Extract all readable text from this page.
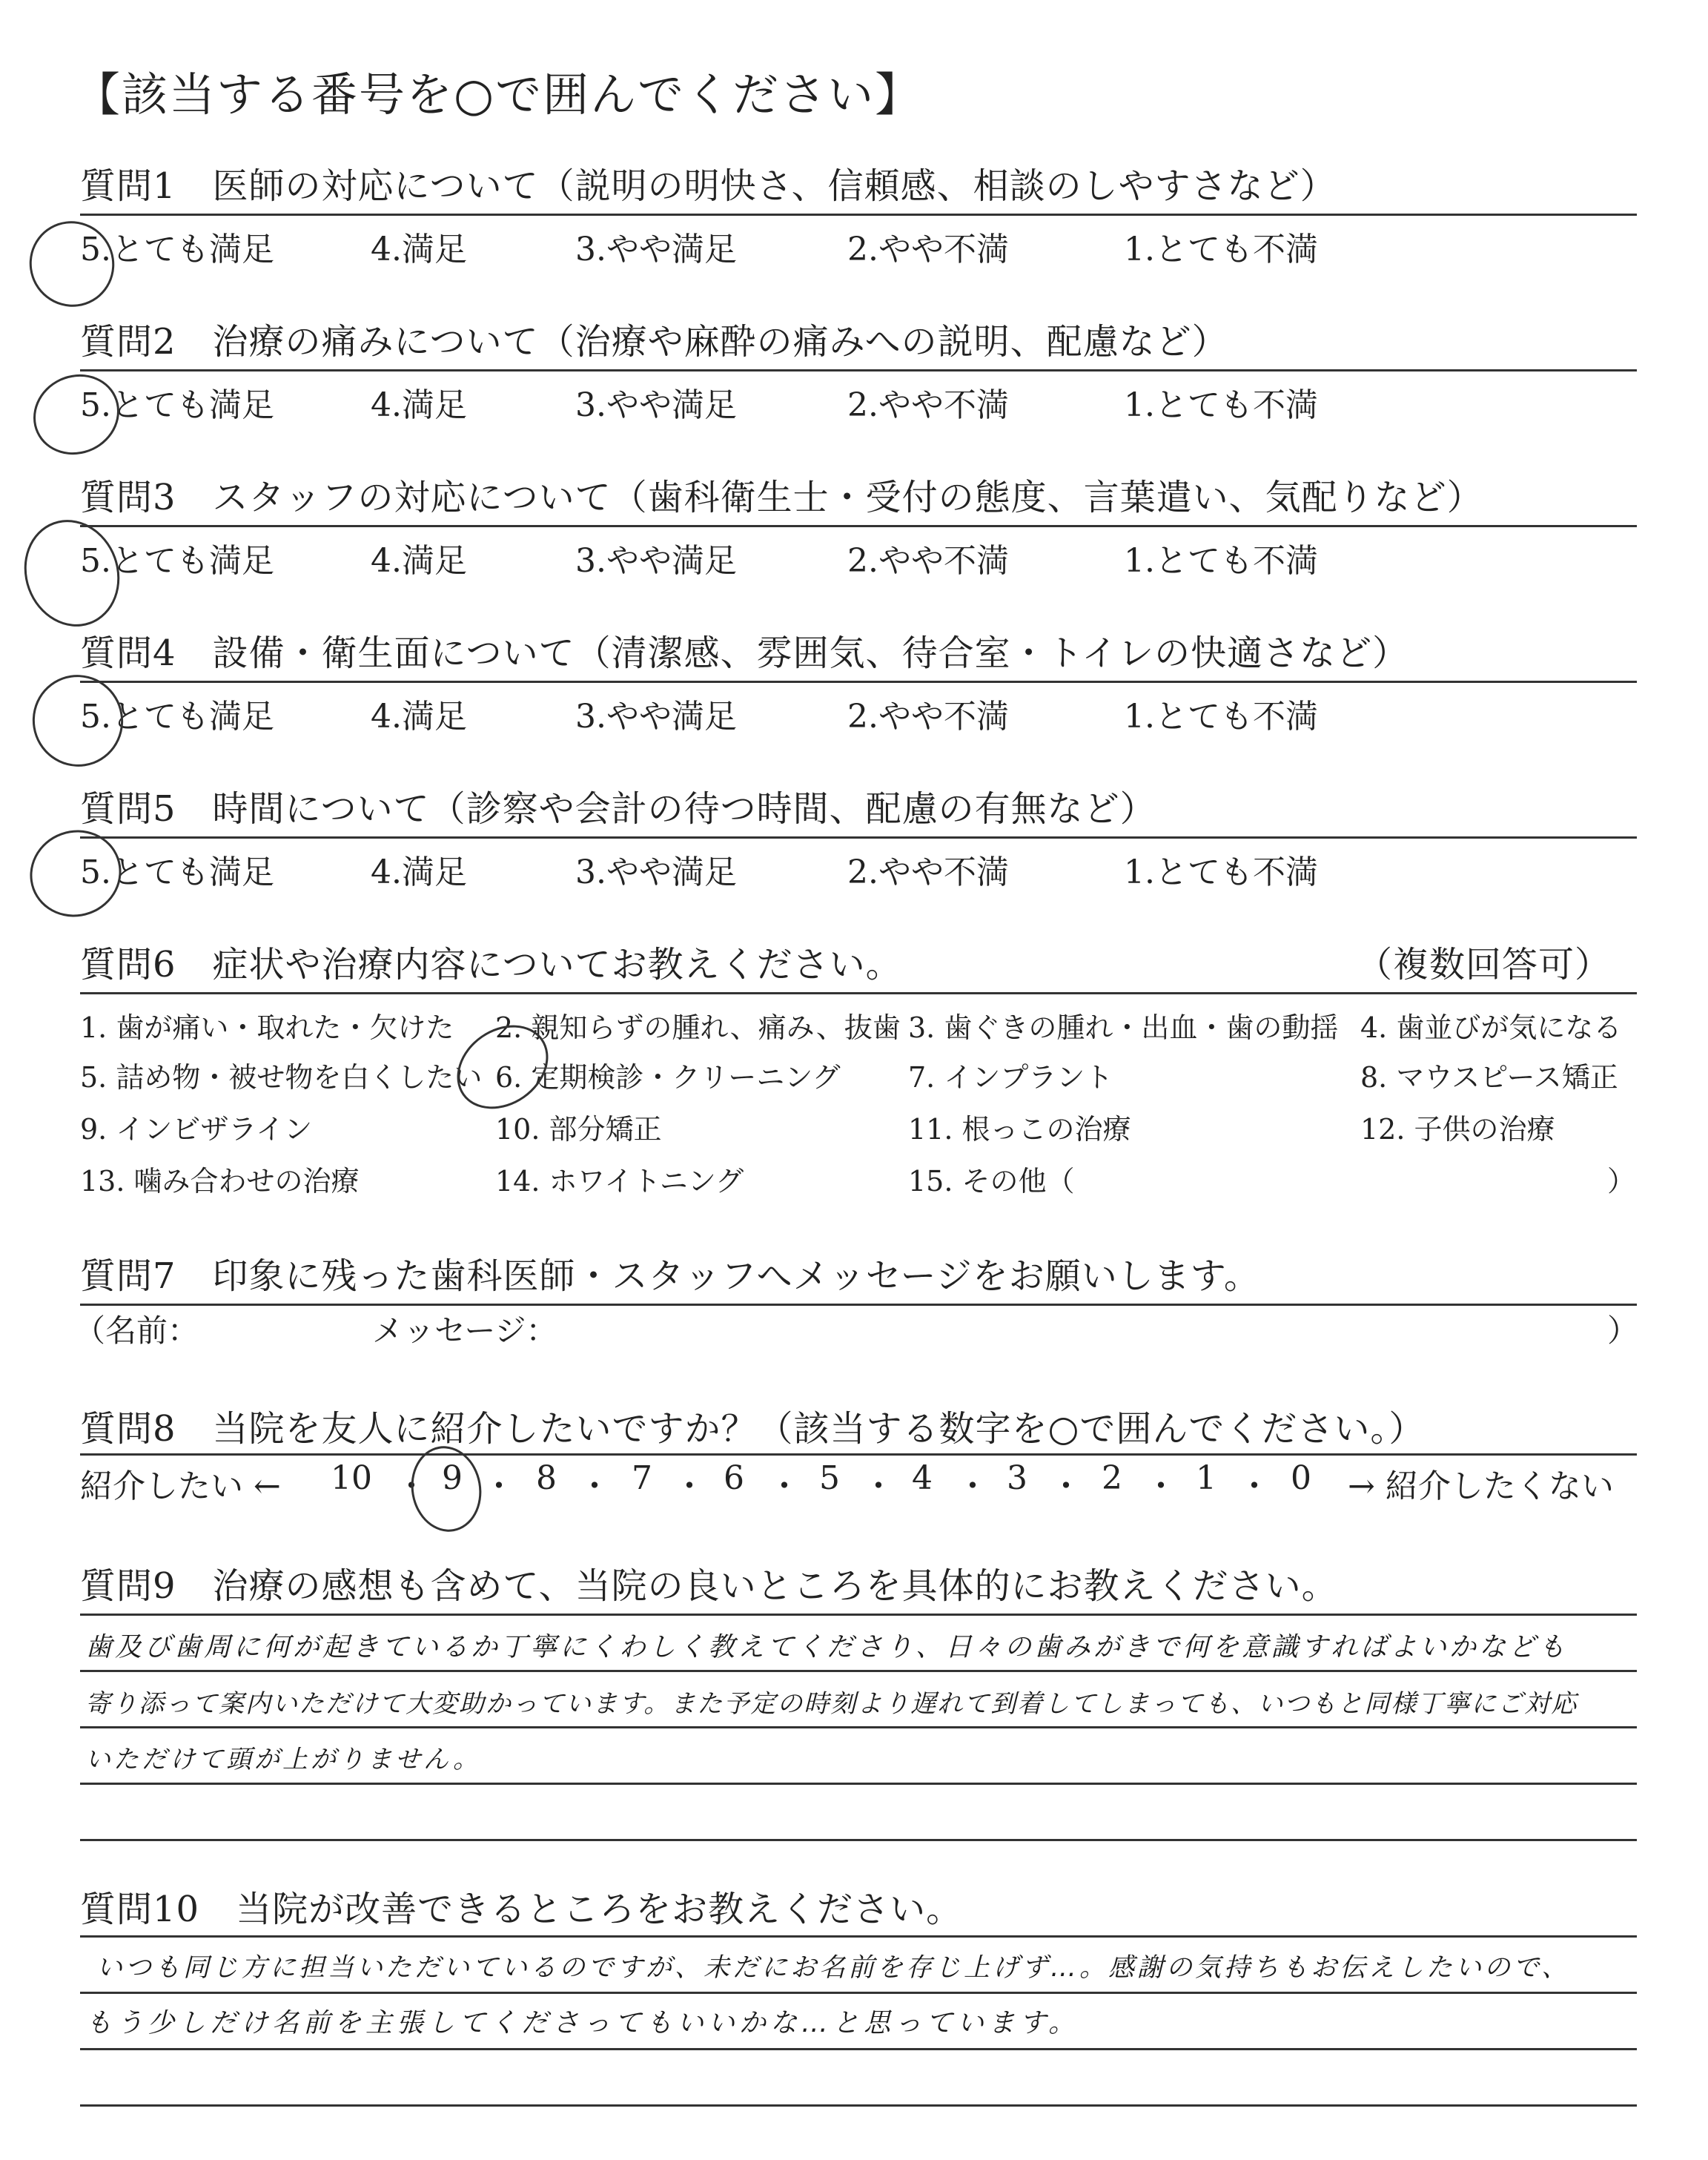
【該当する番号を○で囲んでください】
質問1　医師の対応について（説明の明快さ、信頼感、相談のしやすさなど）
5.とても満足	4.満足	3.やや満足	2.やや不満	1.とても不満
質問2　治療の痛みについて（治療や麻酔の痛みへの説明、配慮など）
5.とても満足	4.満足	3.やや満足	2.やや不満	1.とても不満
質問3　スタッフの対応について（歯科衛生士・受付の態度、言葉遣い、気配りなど）
5.とても満足	4.満足	3.やや満足	2.やや不満	1.とても不満
質問4　設備・衛生面について（清潔感、雰囲気、待合室・トイレの快適さなど）
5.とても満足	4.満足	3.やや満足	2.やや不満	1.とても不満
質問5　時間について（診察や会計の待つ時間、配慮の有無など）
5.とても満足	4.満足	3.やや満足	2.やや不満	1.とても不満
質問6　症状や治療内容についてお教えください。	（複数回答可）
1. 歯が痛い・取れた・欠けた 2. 親知らずの腫れ、痛み、抜歯 3. 歯ぐきの腫れ・出血・歯の動揺 4. 歯並びが気になる
5. 詰め物・被せ物を白くしたい 6. 定期検診・クリーニング 7. インプラント	8. マウスピース矯正
9. インビザライン	10. 部分矯正	11. 根っこの治療	12. 子供の治療
13. 噛み合わせの治療	14. ホワイトニング	15. その他（	）
質問7　印象に残った歯科医師・スタッフへメッセージをお願いします。
（名前：	メッセージ：	）
質問8　当院を友人に紹介したいですか？（該当する数字を○で囲んでください。）
紹介したい ← 10 ・ 9 ・ 8 ・ 7 ・ 6 ・ 5 ・ 4 ・ 3 ・ 2 ・ 1 ・ 0 → 紹介したくない
質問9　治療の感想も含めて、当院の良いところを具体的にお教えください。
歯及び歯周に何が起きているか丁寧にくわしく教えてくださり、日々の歯みがきで何を意識すればよいかなども
寄り添って案内いただけて大変助かっています。また予定の時刻より遅れて到着してしまっても、いつもと同様丁寧にご対応
いただけて頭が上がりません。
質問10　当院が改善できるところをお教えください。
いつも同じ方に担当いただいているのですが、未だにお名前を存じ上げず…。感謝の気持ちもお伝えしたいので、
もう少しだけ名前を主張してくださってもいいかな…と思っています。
